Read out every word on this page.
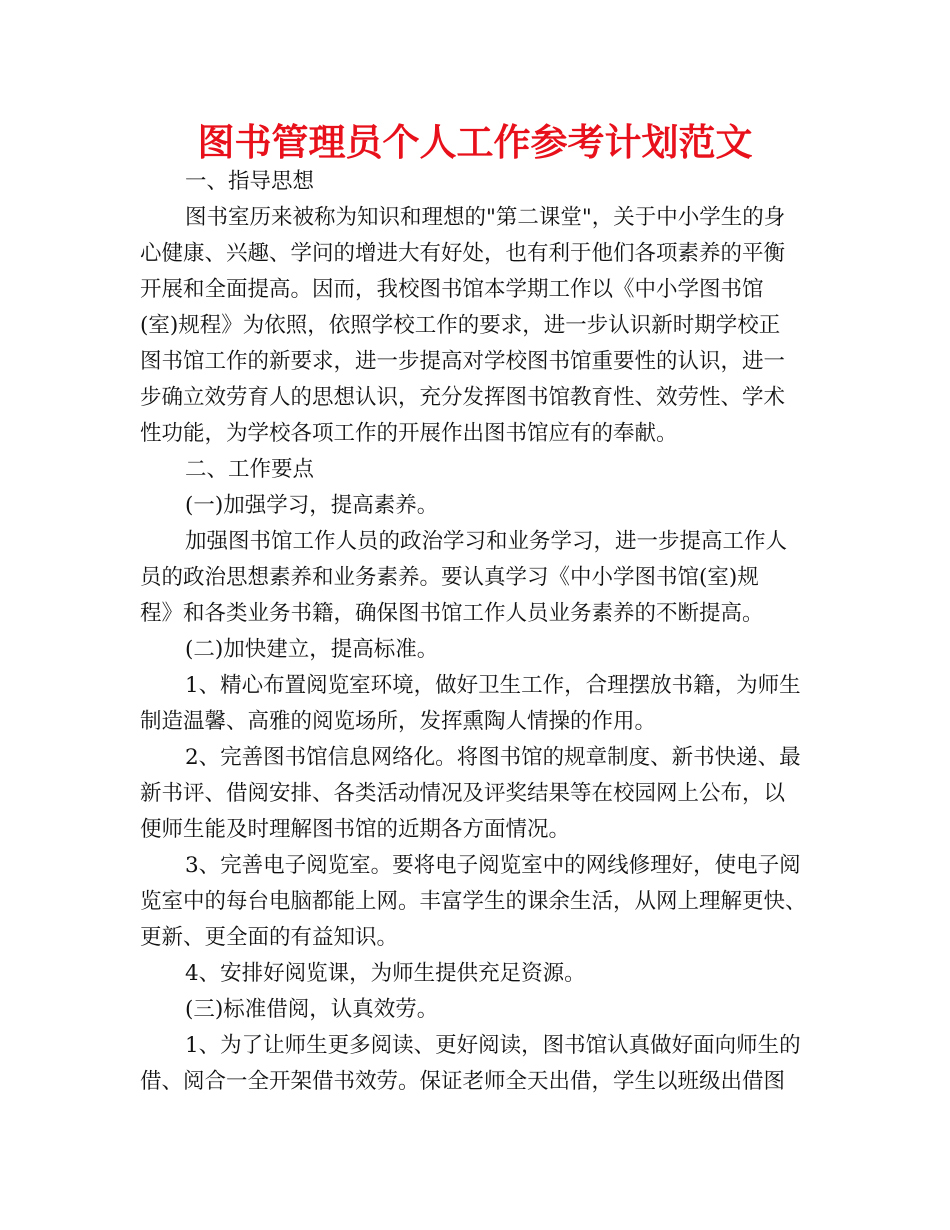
图书管理员个人工作参考计划范文

一、指导思想

图书室历来被称为知识和理想的"第二课堂"，关于中小学生的身

心健康、兴趣、学问的增进大有好处，也有利于他们各项素养的平衡

开展和全面提高。因而，我校图书馆本学期工作以《中小学图书馆

(室)规程》为依照，依照学校工作的要求，进一步认识新时期学校正

图书馆工作的新要求，进一步提高对学校图书馆重要性的认识，进一

步确立效劳育人的思想认识，充分发挥图书馆教育性、效劳性、学术

性功能，为学校各项工作的开展作出图书馆应有的奉献。

二、工作要点

(一)加强学习，提高素养。

加强图书馆工作人员的政治学习和业务学习，进一步提高工作人

员的政治思想素养和业务素养。要认真学习《中小学图书馆(室)规

程》和各类业务书籍，确保图书馆工作人员业务素养的不断提高。

(二)加快建立，提高标准。

1、精心布置阅览室环境，做好卫生工作，合理摆放书籍，为师生

制造温馨、高雅的阅览场所，发挥熏陶人情操的作用。

2、完善图书馆信息网络化。将图书馆的规章制度、新书快递、最

新书评、借阅安排、各类活动情况及评奖结果等在校园网上公布，以

便师生能及时理解图书馆的近期各方面情况。

3、完善电子阅览室。要将电子阅览室中的网线修理好，使电子阅

览室中的每台电脑都能上网。丰富学生的课余生活，从网上理解更快、

更新、更全面的有益知识。

4、安排好阅览课，为师生提供充足资源。

(三)标准借阅，认真效劳。

1、为了让师生更多阅读、更好阅读，图书馆认真做好面向师生的

借、阅合一全开架借书效劳。保证老师全天出借，学生以班级出借图
